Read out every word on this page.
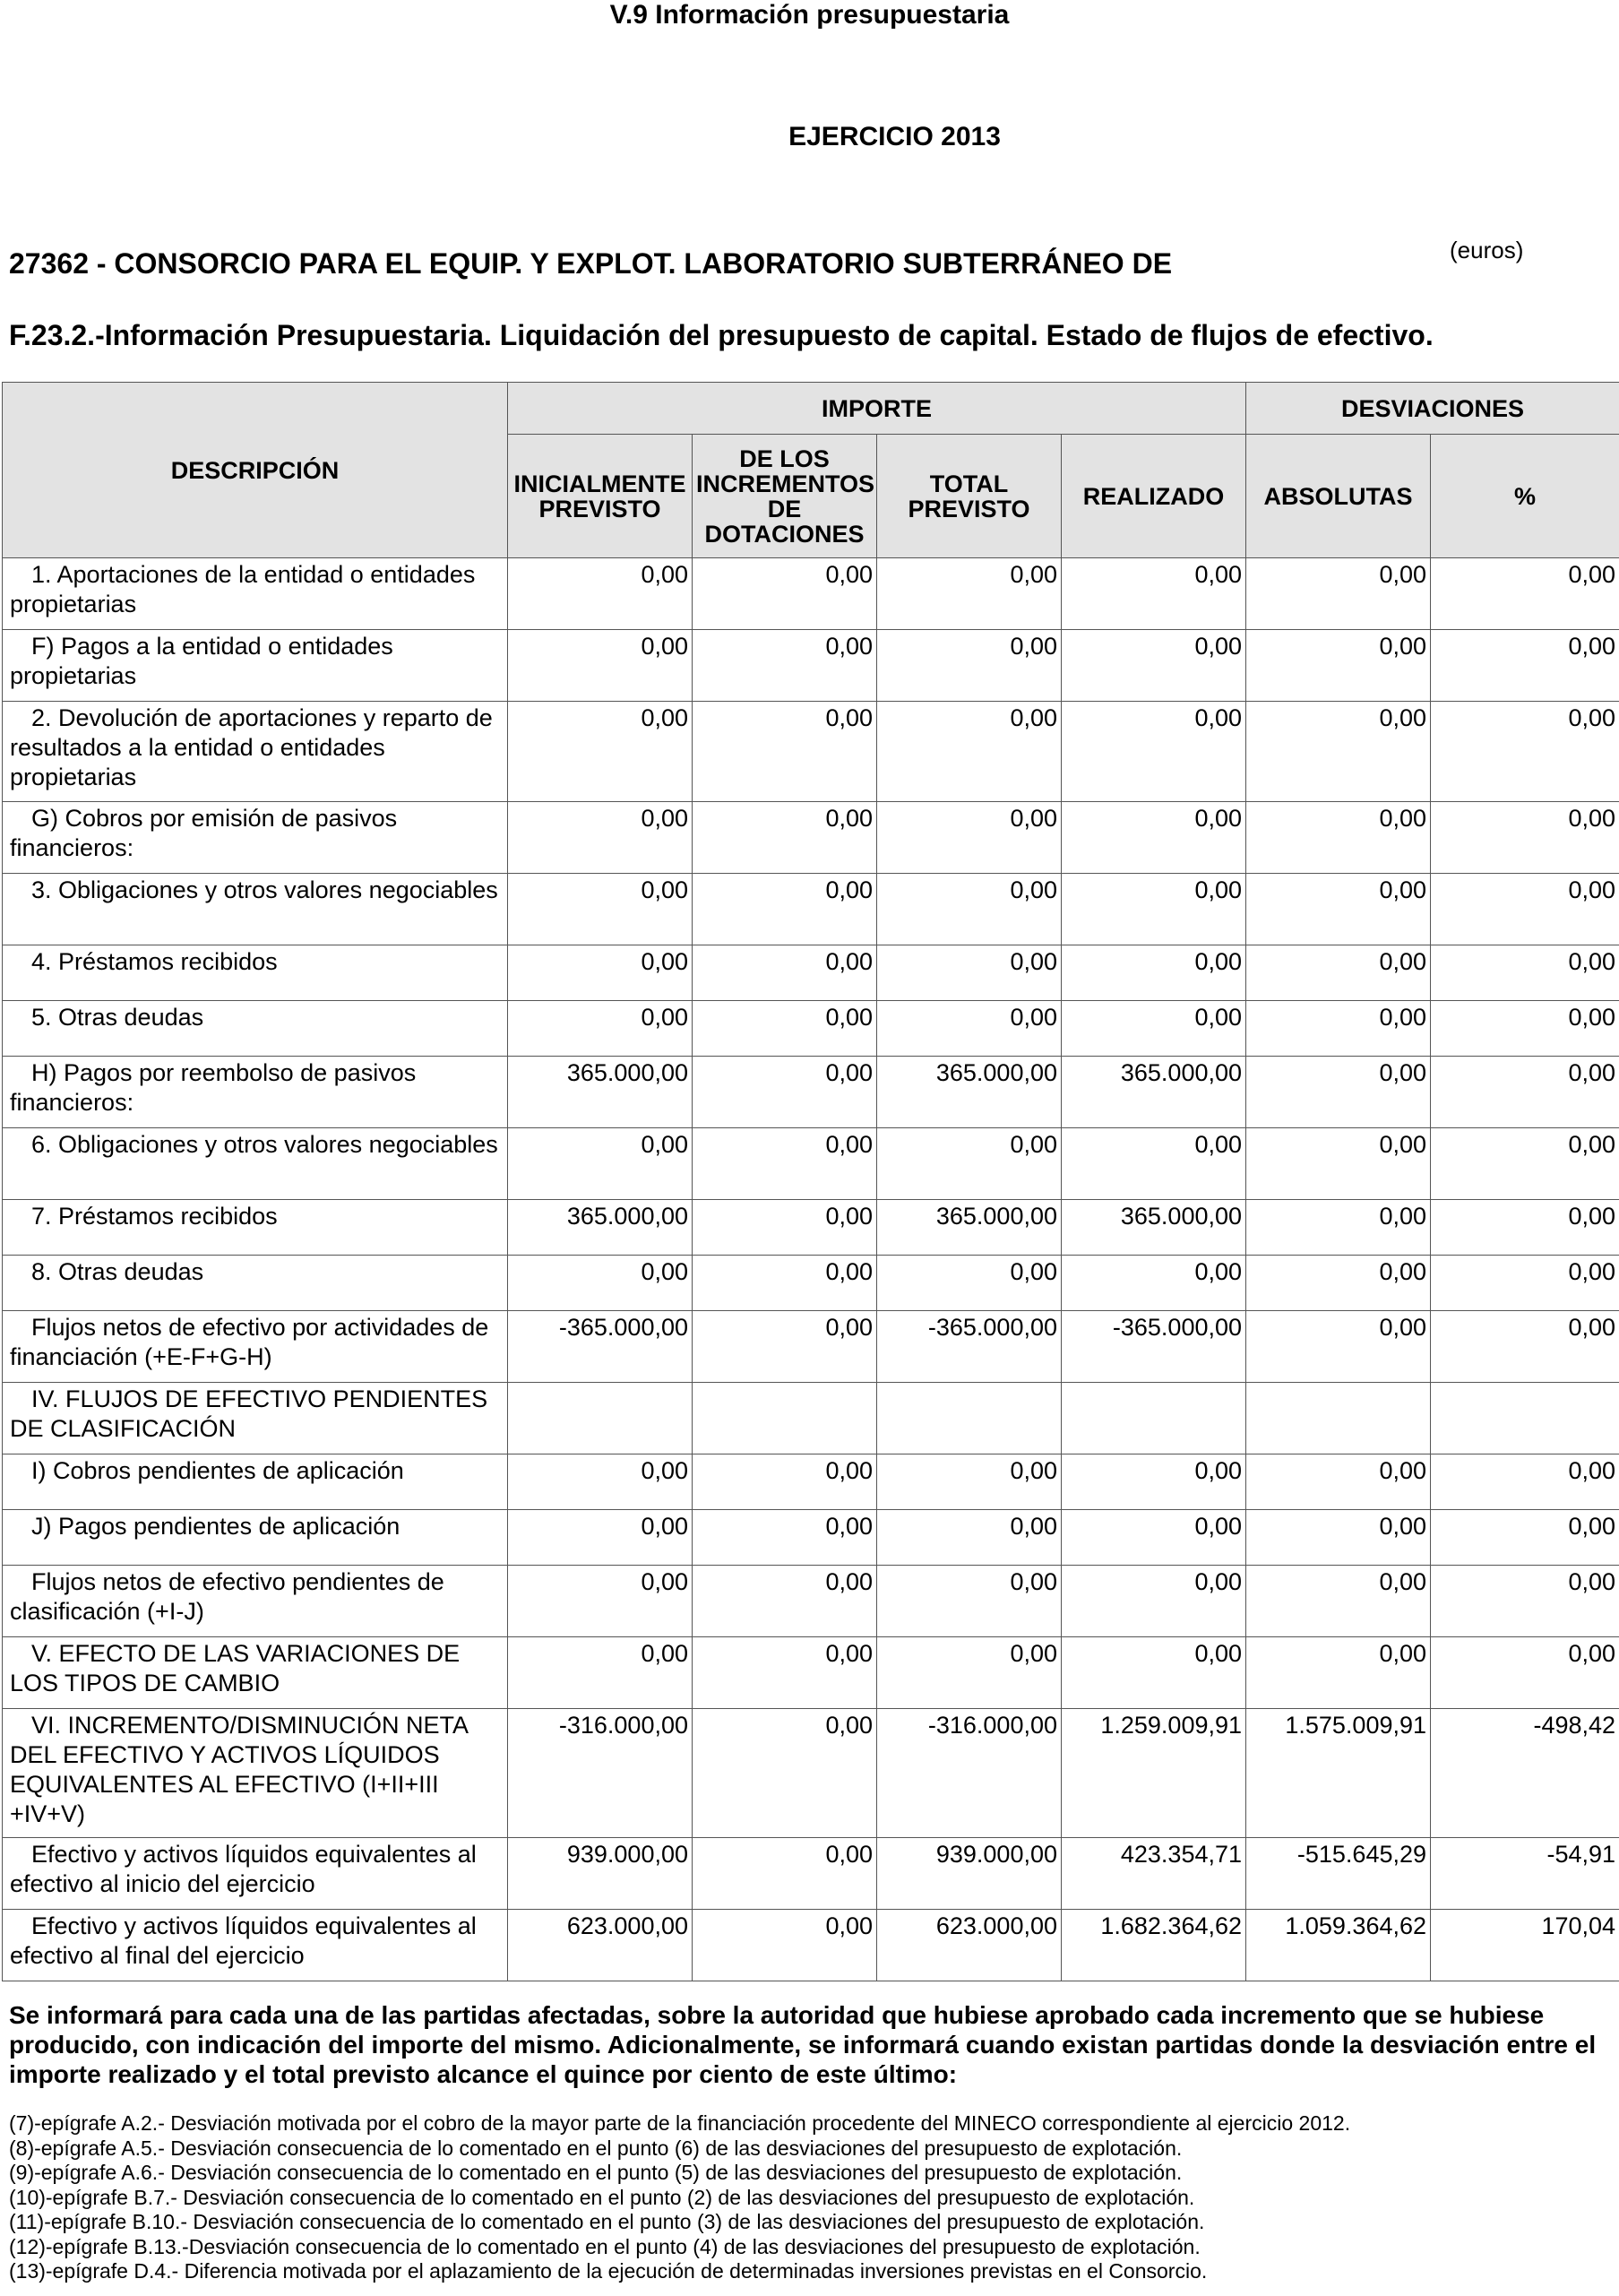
V.9 Información presupuestaria
EJERCICIO 2013
27362 - CONSORCIO PARA EL EQUIP. Y EXPLOT. LABORATORIO SUBTERRÁNEO DE	(euros)
F.23.2.-Información Presupuestaria. Liquidación del presupuesto de capital. Estado de flujos de efectivo.
DESCRIPCIÓN	IMPORTE				DESVIACIONES	
	INICIALMENTE PREVISTO	DE LOS INCREMENTOS DE DOTACIONES	TOTAL PREVISTO	REALIZADO	ABSOLUTAS	%
1. Aportaciones de la entidad o entidades propietarias	0,00	0,00	0,00	0,00	0,00	0,00
F) Pagos a la entidad o entidades propietarias	0,00	0,00	0,00	0,00	0,00	0,00
2. Devolución de aportaciones y reparto de resultados a la entidad o entidades propietarias	0,00	0,00	0,00	0,00	0,00	0,00
G) Cobros por emisión de pasivos financieros:	0,00	0,00	0,00	0,00	0,00	0,00
3. Obligaciones y otros valores negociables	0,00	0,00	0,00	0,00	0,00	0,00
4. Préstamos recibidos	0,00	0,00	0,00	0,00	0,00	0,00
5. Otras deudas	0,00	0,00	0,00	0,00	0,00	0,00
H) Pagos por reembolso de pasivos financieros:	365.000,00	0,00	365.000,00	365.000,00	0,00	0,00
6. Obligaciones y otros valores negociables	0,00	0,00	0,00	0,00	0,00	0,00
7. Préstamos recibidos	365.000,00	0,00	365.000,00	365.000,00	0,00	0,00
8. Otras deudas	0,00	0,00	0,00	0,00	0,00	0,00
Flujos netos de efectivo por actividades de financiación (+E-F+G-H)	-365.000,00	0,00	-365.000,00	-365.000,00	0,00	0,00
IV. FLUJOS DE EFECTIVO PENDIENTES DE CLASIFICACIÓN						
I) Cobros pendientes de aplicación	0,00	0,00	0,00	0,00	0,00	0,00
J) Pagos pendientes de aplicación	0,00	0,00	0,00	0,00	0,00	0,00
Flujos netos de efectivo pendientes de clasificación (+I-J)	0,00	0,00	0,00	0,00	0,00	0,00
V. EFECTO DE LAS VARIACIONES DE LOS TIPOS DE CAMBIO	0,00	0,00	0,00	0,00	0,00	0,00
VI. INCREMENTO/DISMINUCIÓN NETA DEL EFECTIVO Y ACTIVOS LÍQUIDOS EQUIVALENTES AL EFECTIVO (I+II+III +IV+V)	-316.000,00	0,00	-316.000,00	1.259.009,91	1.575.009,91	-498,42
Efectivo y activos líquidos equivalentes al efectivo al inicio del ejercicio	939.000,00	0,00	939.000,00	423.354,71	-515.645,29	-54,91
Efectivo y activos líquidos equivalentes al efectivo al final del ejercicio	623.000,00	0,00	623.000,00	1.682.364,62	1.059.364,62	170,04
Se informará para cada una de las partidas afectadas, sobre la autoridad que hubiese aprobado cada incremento que se hubiese producido, con indicación del importe del mismo. Adicionalmente, se informará cuando existan partidas donde la desviación entre el importe realizado y el total previsto alcance el quince por ciento de este último:
(7)-epígrafe A.2.- Desviación motivada por el cobro de la mayor parte de la financiación procedente del MINECO correspondiente al ejercicio 2012.
(8)-epígrafe A.5.- Desviación consecuencia de lo comentado en el punto (6) de las desviaciones del presupuesto de explotación.
(9)-epígrafe A.6.- Desviación consecuencia de lo comentado en el punto (5) de las desviaciones del presupuesto de explotación.
(10)-epígrafe B.7.- Desviación consecuencia de lo comentado en el punto (2) de las desviaciones del presupuesto de explotación.
(11)-epígrafe B.10.- Desviación consecuencia de lo comentado en el punto (3) de las desviaciones del presupuesto de explotación.
(12)-epígrafe B.13.-Desviación consecuencia de lo comentado en el punto (4) de las desviaciones del presupuesto de explotación.
(13)-epígrafe D.4.- Diferencia motivada por el aplazamiento de la ejecución de determinadas inversiones previstas en el Consorcio.
